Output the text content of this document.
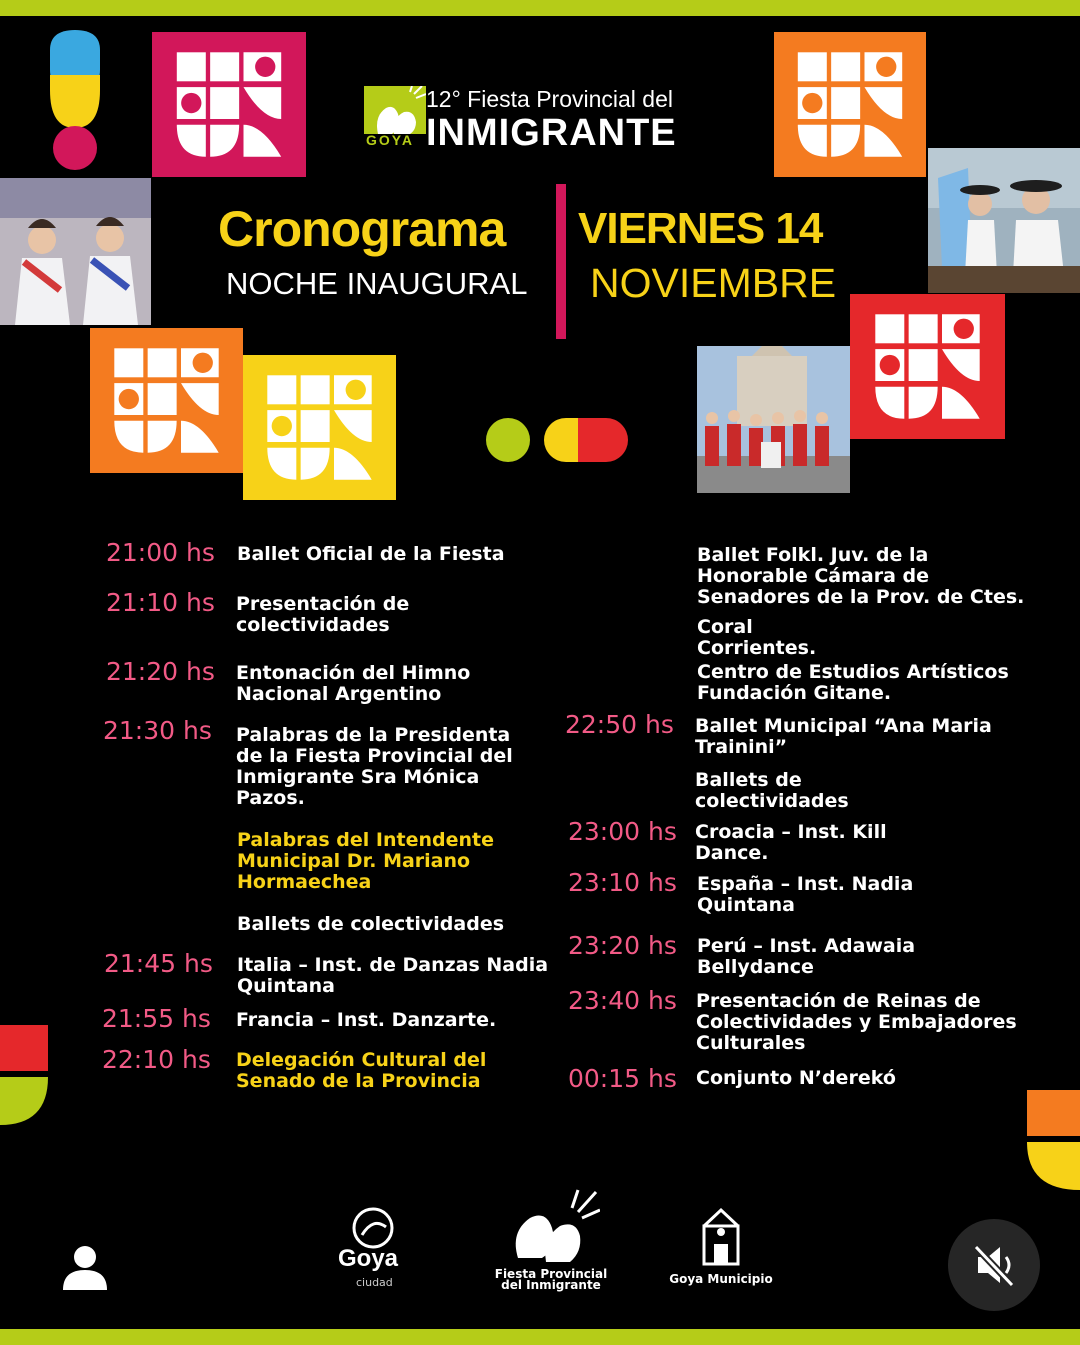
12° Fiesta Provincial del
INMIGRANTE
GOYA
Cronograma
NOCHE INAUGURAL
VIERNES 14
NOVIEMBRE
21:00 hs Ballet Oficial de la Fiesta
21:10 hs Presentación de
colectividades
21:20 hs Entonación del Himno
Nacional Argentino
21:30 hs Palabras de la Presidenta
de la Fiesta Provincial del
Inmigrante Sra Mónica
Pazos.
Palabras del Intendente
Municipal Dr. Mariano
Hormaechea
Ballets de colectividades
21:45 hs Italia – Inst. de Danzas Nadia
Quintana
21:55 hs Francia – Inst. Danzarte.
22:10 hs Delegación Cultural del
Senado de la Provincia
Ballet Folkl. Juv. de la
Honorable Cámara de
Senadores de la Prov. de Ctes.
Coral
Corrientes.
Centro de Estudios Artísticos
Fundación Gitane.
22:50 hs Ballet Municipal “Ana Maria
Trainini”
Ballets de
colectividades
23:00 hs Croacia – Inst. Kill
Dance.
23:10 hs España – Inst. Nadia
Quintana
23:20 hs Perú – Inst. Adawaia
Bellydance
23:40 hs Presentación de Reinas de
Colectividades y Embajadores
Culturales
00:15 hs Conjunto N’derekó
Goya
ciudad
Fiesta Provincial del Inmigrante	Goya Municipio
